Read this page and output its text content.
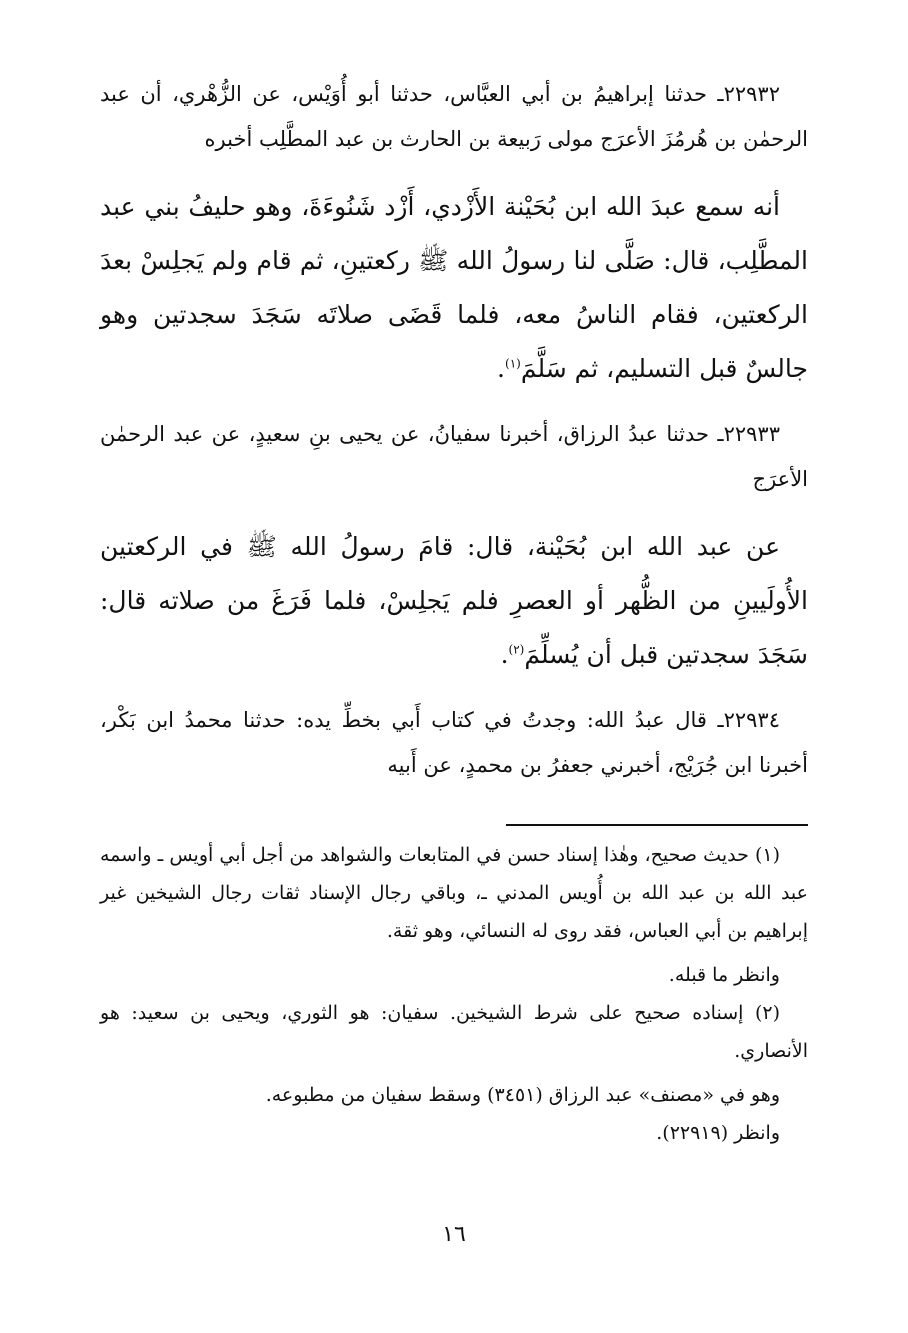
٢٢٩٣٢ـ حدثنا إبراهيمُ بن أبي العبَّاس، حدثنا أبو أُوَيْس، عن الزُّهْري، أن عبد الرحمٰن بن هُرمُزَ الأعرَج مولى رَبيعة بن الحارث بن عبد المطَّلِب أخبره

أنه سمع عبدَ الله ابن بُحَيْنة الأَزْدي، أَزْد شَنُوءَةَ، وهو حليفُ بني عبد المطَّلِب، قال: صَلَّى لنا رسولُ الله ﷺ ركعتينِ، ثم قام ولم يَجلِسْ بعدَ الركعتين، فقام الناسُ معه، فلما قَضَى صلاتَه سَجَدَ سجدتين وهو جالسٌ قبل التسليم، ثم سَلَّمَ$^{(١)}$.

٢٢٩٣٣ـ حدثنا عبدُ الرزاق، أخبرنا سفيانُ، عن يحيى بنِ سعيدٍ، عن عبد الرحمٰن الأعرَج

عن عبد الله ابن بُحَيْنة، قال: قامَ رسولُ الله ﷺ في الركعتين الأُولَيينِ من الظُّهر أو العصرِ فلم يَجلِسْ، فلما فَرَغَ من صلاته قال: سَجَدَ سجدتين قبل أن يُسلِّمَ$^{(٢)}$.

٢٢٩٣٤ـ قال عبدُ الله: وجدتُ في كتاب أَبي بخطِّ يده: حدثنا محمدُ ابن بَكْر، أخبرنا ابن جُرَيْج، أخبرني جعفرُ بن محمدٍ، عن أَبيه

(١) حديث صحيح، وهٰذا إسناد حسن في المتابعات والشواهد من أجل أبي أويس ـ واسمه عبد الله بن عبد الله بن أُويس المدني ـ، وباقي رجال الإسناد ثقات رجال الشيخين غير إبراهيم بن أبي العباس، فقد روى له النسائي، وهو ثقة.

وانظر ما قبله.

(٢) إسناده صحيح على شرط الشيخين. سفيان: هو الثوري، ويحيى بن سعيد: هو الأنصاري.

وهو في «مصنف» عبد الرزاق (٣٤٥١) وسقط سفيان من مطبوعه.

وانظر (٢٢٩١٩).

١٦
